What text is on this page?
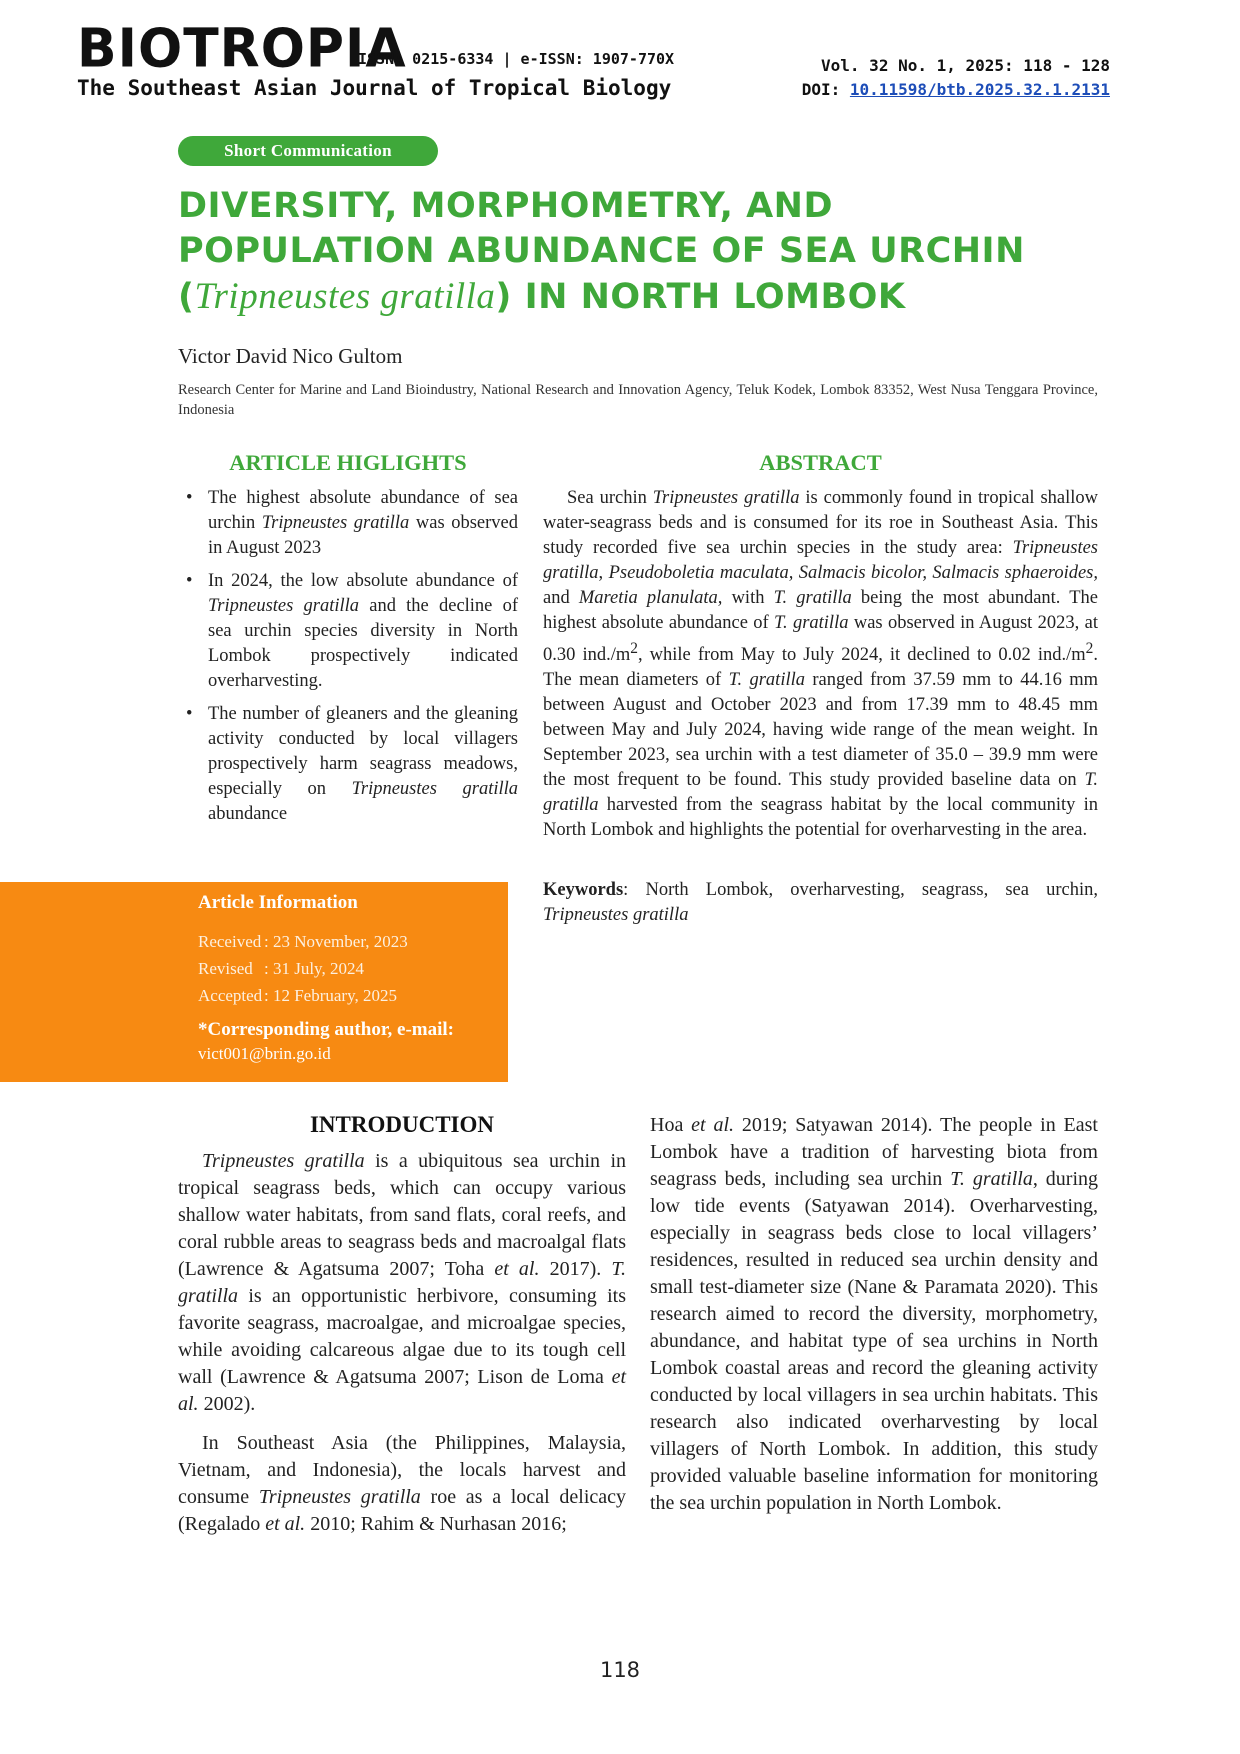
BIOTROPIA
ISSN: 0215-6334 | e-ISSN: 1907-770X
The Southeast Asian Journal of Tropical Biology
Vol. 32 No. 1, 2025: 118 - 128
DOI: 10.11598/btb.2025.32.1.2131
Short Communication
DIVERSITY, MORPHOMETRY, AND POPULATION ABUNDANCE OF SEA URCHIN (Tripneustes gratilla) IN NORTH LOMBOK
Victor David Nico Gultom
Research Center for Marine and Land Bioindustry, National Research and Innovation Agency, Teluk Kodek, Lombok 83352, West Nusa Tenggara Province, Indonesia
ARTICLE HIGLIGHTS
• The highest absolute abundance of sea urchin Tripneustes gratilla was observed in August 2023
• In 2024, the low absolute abundance of Tripneustes gratilla and the decline of sea urchin species diversity in North Lombok prospectively indicated overharvesting.
• The number of gleaners and the gleaning activity conducted by local villagers prospectively harm seagrass meadows, especially on Tripneustes gratilla abundance
ABSTRACT

Sea urchin Tripneustes gratilla is commonly found in tropical shallow water-seagrass beds and is consumed for its roe in Southeast Asia. This study recorded five sea urchin species in the study area: Tripneustes gratilla, Pseudoboletia maculata, Salmacis bicolor, Salmacis sphaeroides, and Maretia planulata, with T. gratilla being the most abundant. The highest absolute abundance of T. gratilla was observed in August 2023, at 0.30 $ind./m^2$, while from May to July 2024, it declined to 0.02 $ind./m^2$. The mean diameters of T. gratilla ranged from 37.59 mm to 44.16 mm between August and October 2023 and from 17.39 mm to 48.45 mm between May and July 2024, having wide range of the mean weight. In September 2023, sea urchin with a test diameter of 35.0 – 39.9 mm were the most frequent to be found. This study provided baseline data on T. gratilla harvested from the seagrass habitat by the local community in North Lombok and highlights the potential for overharvesting in the area.

Keywords: North Lombok, overharvesting, seagrass, sea urchin, Tripneustes gratilla
Article Information
Received : 23 November, 2023
Revised : 31 July, 2024
Accepted : 12 February, 2025
*Corresponding author, e-mail:
vict001@brin.go.id
INTRODUCTION

Tripneustes gratilla is a ubiquitous sea urchin in tropical seagrass beds, which can occupy various shallow water habitats, from sand flats, coral reefs, and coral rubble areas to seagrass beds and macroalgal flats (Lawrence & Agatsuma 2007; Toha et al. 2017). T. gratilla is an opportunistic herbivore, consuming its favorite seagrass, macroalgae, and microalgae species, while avoiding calcareous algae due to its tough cell wall (Lawrence & Agatsuma 2007; Lison de Loma et al. 2002).

In Southeast Asia (the Philippines, Malaysia, Vietnam, and Indonesia), the locals harvest and consume Tripneustes gratilla roe as a local delicacy (Regalado et al. 2010; Rahim & Nurhasan 2016;

Hoa et al. 2019; Satyawan 2014). The people in East Lombok have a tradition of harvesting biota from seagrass beds, including sea urchin T. gratilla, during low tide events (Satyawan 2014). Overharvesting, especially in seagrass beds close to local villagers’ residences, resulted in reduced sea urchin density and small test-diameter size (Nane & Paramata 2020). This research aimed to record the diversity, morphometry, abundance, and habitat type of sea urchins in North Lombok coastal areas and record the gleaning activity conducted by local villagers in sea urchin habitats. This research also indicated overharvesting by local villagers of North Lombok. In addition, this study provided valuable baseline information for monitoring the sea urchin population in North Lombok.

118
